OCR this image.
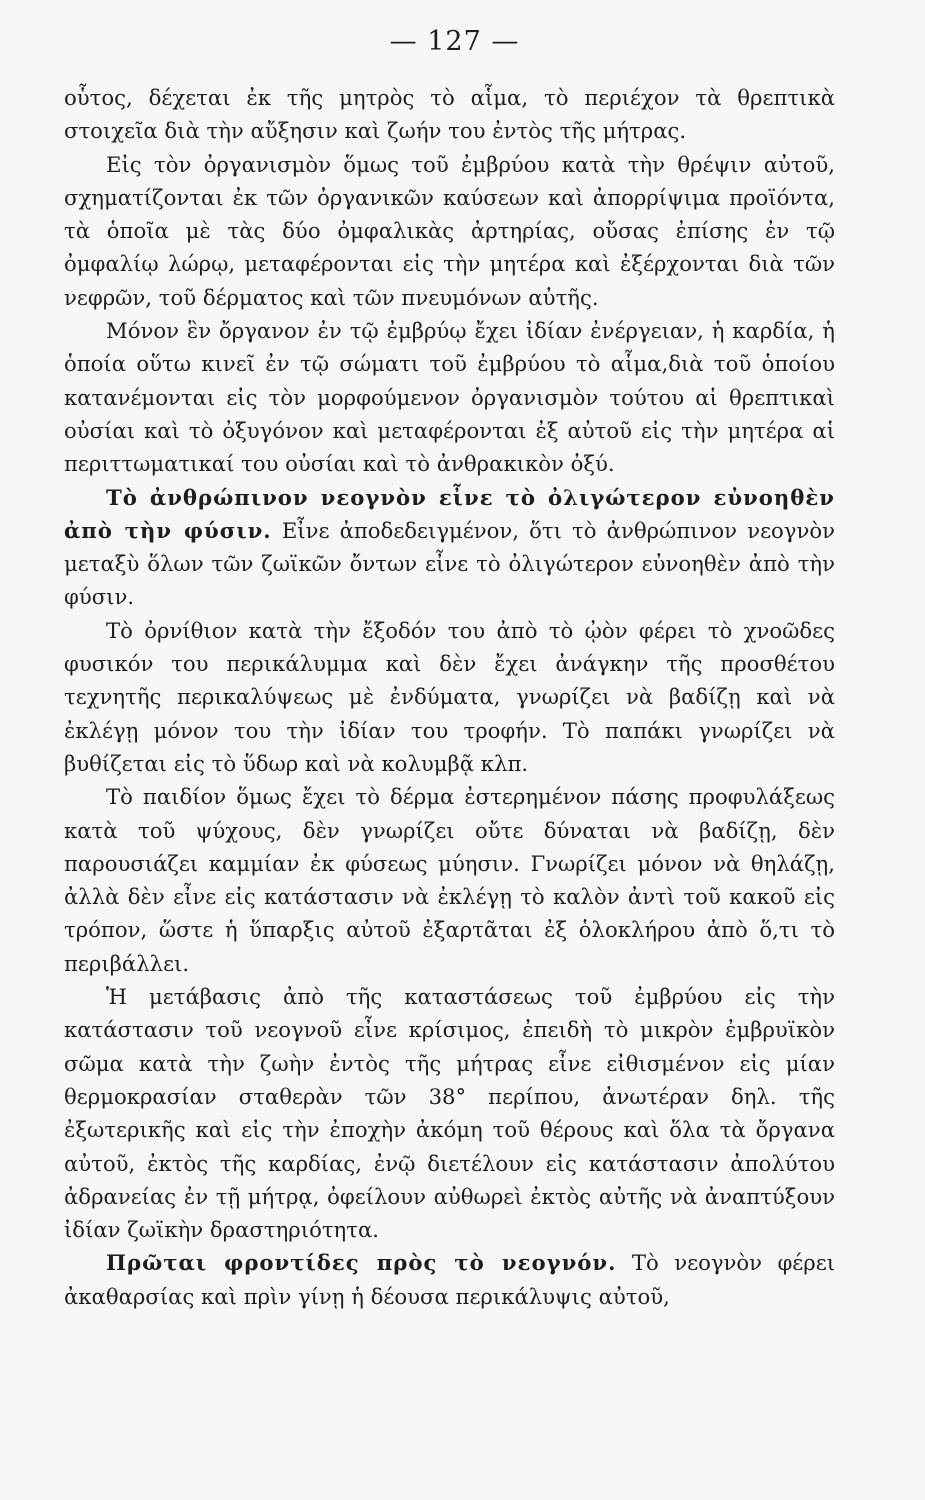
— 127 —

οὗτος, δέχεται ἐκ τῆς μητρὸς τὸ αἷμα, τὸ περιέχον τὰ θρεπτικὰ στοιχεῖα διὰ τὴν αὔξησιν καὶ ζωήν του ἐντὸς τῆς μήτρας.

Εἰς τὸν ὀργανισμὸν ὅμως τοῦ ἐμβρύου κατὰ τὴν θρέψιν αὐτοῦ, σχηματίζονται ἐκ τῶν ὀργανικῶν καύσεων καὶ ἀπορρίψιμα προϊόντα, τὰ ὁποῖα μὲ τὰς δύο ὀμφαλικὰς ἀρτηρίας, οὔσας ἐπίσης ἐν τῷ ὀμφαλίῳ λώρῳ, μεταφέρονται εἰς τὴν μητέρα καὶ ἐξέρχονται διὰ τῶν νεφρῶν, τοῦ δέρματος καὶ τῶν πνευμόνων αὐτῆς.

Μόνον ἓν ὄργανον ἐν τῷ ἐμβρύῳ ἔχει ἰδίαν ἐνέργειαν, ἡ καρδία, ἡ ὁποία οὕτω κινεῖ ἐν τῷ σώματι τοῦ ἐμβρύου τὸ αἷμα,διὰ τοῦ ὁποίου κατανέμονται εἰς τὸν μορφούμενον ὀργανισμὸν τούτου αἱ θρεπτικαὶ οὐσίαι καὶ τὸ ὀξυγόνον καὶ μεταφέρονται ἐξ αὐτοῦ εἰς τὴν μητέρα αἱ περιττωματικαί του οὐσίαι καὶ τὸ ἀνθρακικὸν ὀξύ.

Τὸ ἀνθρώπινον νεογνὸν εἶνε τὸ ὀλιγώτερον εὐνοηθὲν ἀπὸ τὴν φύσιν. Εἶνε ἀποδεδειγμένον, ὅτι τὸ ἀνθρώπινον νεογνὸν μεταξὺ ὅλων τῶν ζωϊκῶν ὄντων εἶνε τὸ ὀλιγώτερον εὐνοηθὲν ἀπὸ τὴν φύσιν.

Τὸ ὀρνίθιον κατὰ τὴν ἔξοδόν του ἀπὸ τὸ ᾠὸν φέρει τὸ χνοῶδες φυσικόν του περικάλυμμα καὶ δὲν ἔχει ἀνάγκην τῆς προσθέτου τεχνητῆς περικαλύψεως μὲ ἐνδύματα, γνωρίζει νὰ βαδίζῃ καὶ νὰ ἐκλέγῃ μόνον του τὴν ἰδίαν του τροφήν. Τὸ παπάκι γνωρίζει νὰ βυθίζεται εἰς τὸ ὕδωρ καὶ νὰ κολυμβᾷ κλπ.

Τὸ παιδίον ὅμως ἔχει τὸ δέρμα ἐστερημένον πάσης προφυλάξεως κατὰ τοῦ ψύχους, δὲν γνωρίζει οὔτε δύναται νὰ βαδίζῃ, δὲν παρουσιάζει καμμίαν ἐκ φύσεως μύησιν. Γνωρίζει μόνον νὰ θηλάζῃ, ἀλλὰ δὲν εἶνε εἰς κατάστασιν νὰ ἐκλέγῃ τὸ καλὸν ἀντὶ τοῦ κακοῦ εἰς τρόπον, ὥστε ἡ ὕπαρξις αὐτοῦ ἐξαρτᾶται ἐξ ὁλοκλήρου ἀπὸ ὅ,τι τὸ περιβάλλει.

Ἡ μετάβασις ἀπὸ τῆς καταστάσεως τοῦ ἐμβρύου εἰς τὴν κατάστασιν τοῦ νεογνοῦ εἶνε κρίσιμος, ἐπειδὴ τὸ μικρὸν ἐμβρυϊκὸν σῶμα κατὰ τὴν ζωὴν ἐντὸς τῆς μήτρας εἶνε εἰθισμένον εἰς μίαν θερμοκρασίαν σταθερὰν τῶν 38° περίπου, ἀνωτέραν δηλ. τῆς ἐξωτερικῆς καὶ εἰς τὴν ἐποχὴν ἀκόμη τοῦ θέρους καὶ ὅλα τὰ ὄργανα αὐτοῦ, ἐκτὸς τῆς καρδίας, ἐνῷ διετέλουν εἰς κατάστασιν ἀπολύτου ἀδρανείας ἐν τῇ μήτρᾳ, ὀφείλουν αὐθωρεὶ ἐκτὸς αὐτῆς νὰ ἀναπτύξουν ἰδίαν ζωϊκὴν δραστηριότητα.

Πρῶται φροντίδες πρὸς τὸ νεογνόν. Τὸ νεογνὸν φέρει ἀκαθαρσίας καὶ πρὶν γίνῃ ἡ δέουσα περικάλυψις αὐτοῦ,
